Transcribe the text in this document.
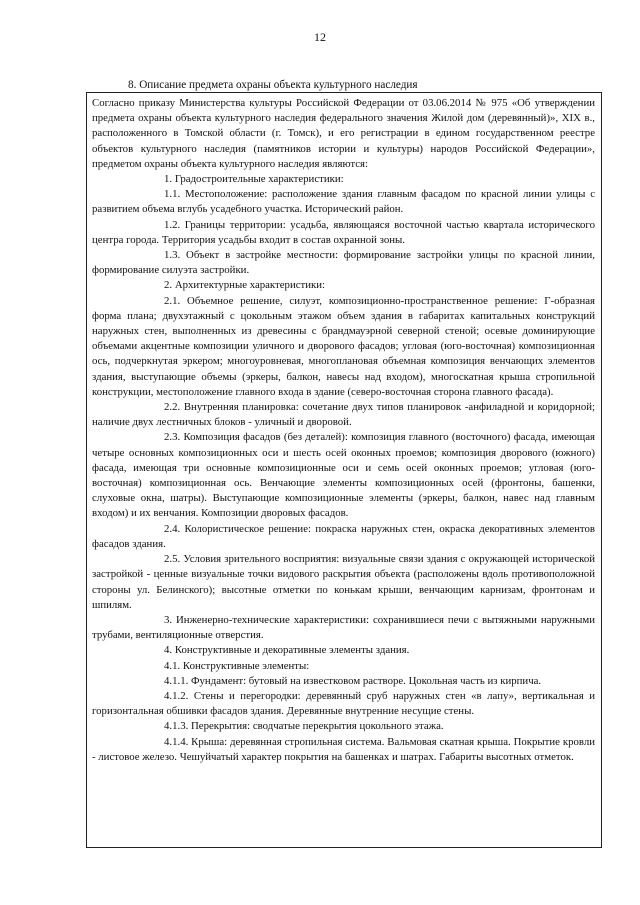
12
8. Описание предмета охраны объекта культурного наследия

Согласно приказу Министерства культуры Российской Федерации от 03.06.2014 № 975 «Об утверждении предмета охраны объекта культурного наследия федерального значения Жилой дом (деревянный)», XIX в., расположенного в Томской области (г. Томск), и его регистрации в едином государственном реестре объектов культурного наследия (памятников истории и культуры) народов Российской Федерации», предметом охраны объекта культурного наследия являются:

1. Градостроительные характеристики:

1.1. Местоположение: расположение здания главным фасадом по красной линии улицы с развитием объема вглубь усадебного участка. Исторический район.

1.2. Границы территории: усадьба, являющаяся восточной частью квартала исторического центра города. Территория усадьбы входит в состав охранной зоны.

1.3. Объект в застройке местности: формирование застройки улицы по красной линии, формирование силуэта застройки.

2. Архитектурные характеристики:

2.1. Объемное решение, силуэт, композиционно-пространственное решение: Г-образная форма плана; двухэтажный с цокольным этажом объем здания в габаритах капитальных конструкций наружных стен, выполненных из древесины с брандмауэрной северной стеной; осевые доминирующие объемами акцентные композиции уличного и дворового фасадов; угловая (юго-восточная) композиционная ось, подчеркнутая эркером; многоуровневая, многоплановая объемная композиция венчающих элементов здания, выступающие объемы (эркеры, балкон, навесы над входом), многоскатная крыша стропильной конструкции, местоположение главного входа в здание (северо-восточная сторона главного фасада).

2.2. Внутренняя планировка: сочетание двух типов планировок -анфиладной и коридорной; наличие двух лестничных блоков - уличный и дворовой.

2.3. Композиция фасадов (без деталей): композиция главного (восточного) фасада, имеющая четыре основных композиционных оси и шесть осей оконных проемов; композиция дворового (южного) фасада, имеющая три основные композиционные оси и семь осей оконных проемов; угловая (юго-восточная) композиционная ось. Венчающие элементы композиционных осей (фронтоны, башенки, слуховые окна, шатры). Выступающие композиционные элементы (эркеры, балкон, навес над главным входом) и их венчания. Композиции дворовых фасадов.

2.4. Колористическое решение: покраска наружных стен, окраска декоративных элементов фасадов здания.

2.5. Условия зрительного восприятия: визуальные связи здания с окружающей исторической застройкой - ценные визуальные точки видового раскрытия объекта (расположены вдоль противоположной стороны ул. Белинского); высотные отметки по конькам крыши, венчающим карнизам, фронтонам и шпилям.

3. Инженерно-технические характеристики: сохранившиеся печи с вытяжными наружными трубами, вентиляционные отверстия.

4. Конструктивные и декоративные элементы здания.

4.1. Конструктивные элементы:

4.1.1. Фундамент: бутовый на известковом растворе. Цокольная часть из кирпича.

4.1.2. Стены и перегородки: деревянный сруб наружных стен «в лапу», вертикальная и горизонтальная обшивки фасадов здания. Деревянные внутренние несущие стены.

4.1.3. Перекрытия: сводчатые перекрытия цокольного этажа.

4.1.4. Крыша: деревянная стропильная система. Вальмовая скатная крыша. Покрытие кровли - листовое железо. Чешуйчатый характер покрытия на башенках и шатрах. Габариты высотных отметок.
